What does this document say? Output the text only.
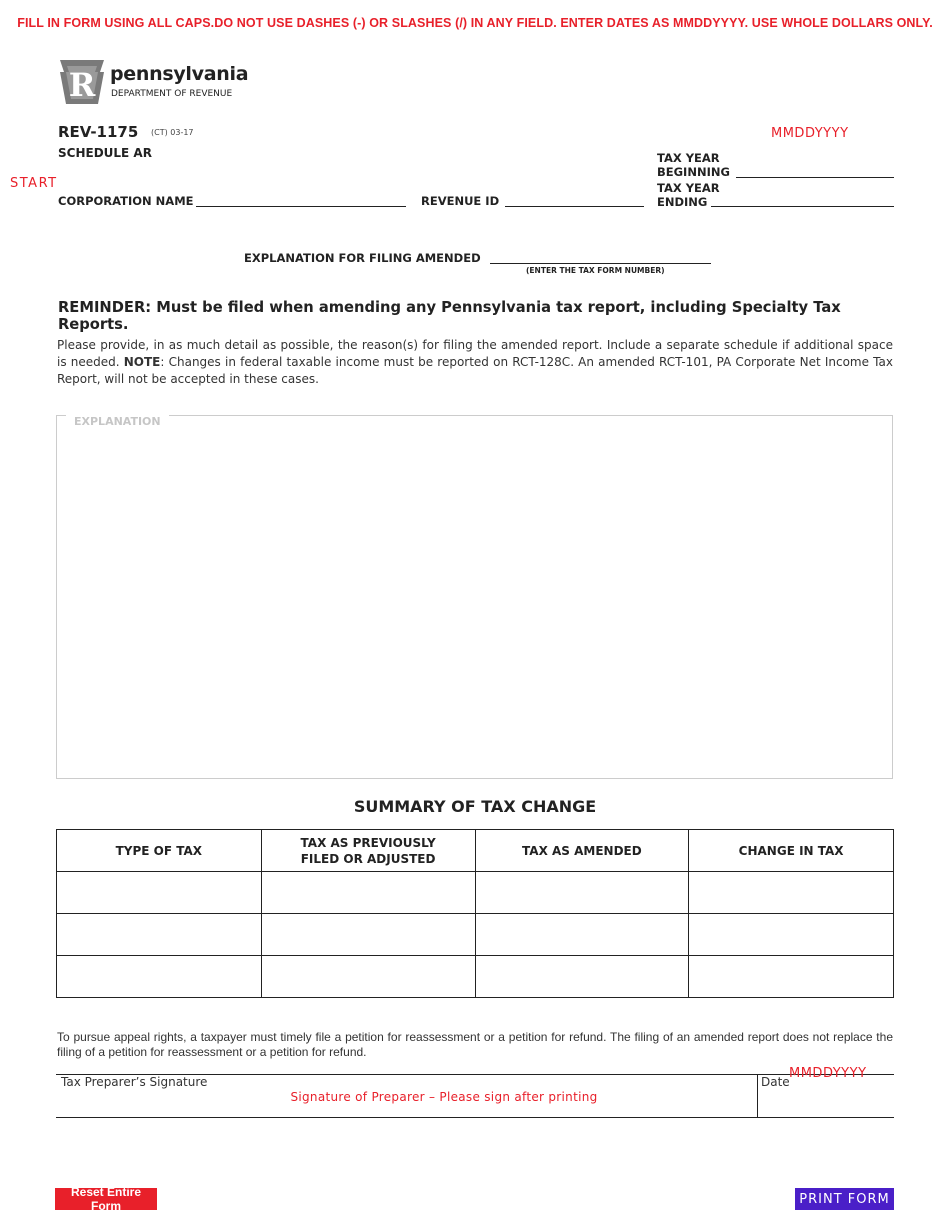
FILL IN FORM USING ALL CAPS.DO NOT USE DASHES (-) OR SLASHES (/) IN ANY FIELD. ENTER DATES AS MMDDYYYY. USE WHOLE DOLLARS ONLY.
R pennsylvania
DEPARTMENT OF REVENUE
REV-1175 (CT) 03-17
SCHEDULE AR
MMDDYYYY
START
TAX YEAR
BEGINNING
TAX YEAR
ENDING
CORPORATION NAME	REVENUE ID
EXPLANATION FOR FILING AMENDED
(ENTER THE TAX FORM NUMBER)
REMINDER: Must be filed when amending any Pennsylvania tax report, including Specialty Tax Reports.
Please provide, in as much detail as possible, the reason(s) for filing the amended report. Include a separate schedule if additional space is needed. NOTE: Changes in federal taxable income must be reported on RCT-128C. An amended RCT-101, PA Corporate Net Income Tax Report, will not be accepted in these cases.
EXPLANATION
SUMMARY OF TAX CHANGE
TYPE OF TAX	TAX AS PREVIOUSLY
FILED OR ADJUSTED	TAX AS AMENDED	CHANGE IN TAX

To pursue appeal rights, a taxpayer must timely file a petition for reassessment or a petition for refund. The filing of an amended report does not replace the filing of a petition for reassessment or a petition for refund.
Tax Preparer’s Signature
Signature of Preparer – Please sign after printing
Date
MMDDYYYY
Reset Entire Form	PRINT FORM
